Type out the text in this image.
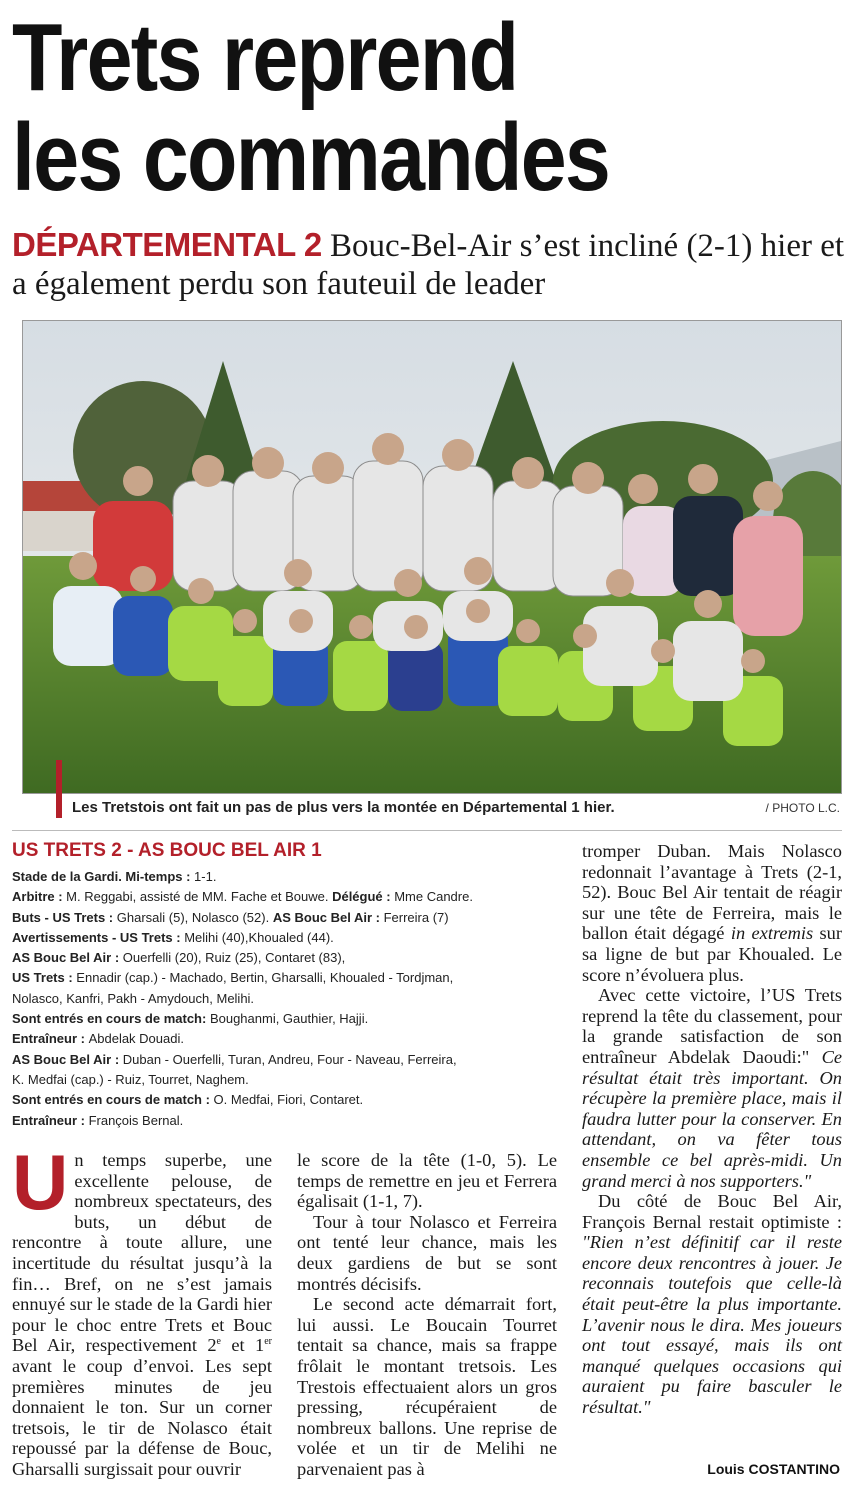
Trets reprend
les commandes
DÉPARTEMENTAL 2 Bouc-Bel-Air s’est incliné (2-1) hier et a également perdu son fauteuil de leader
Les Tretstois ont fait un pas de plus vers la montée en Départemental 1 hier.	/ PHOTO L.C.
US TRETS 2 - AS BOUC BEL AIR 1
Stade de la Gardi. Mi-temps : 1-1.
Arbitre : M. Reggabi, assisté de MM. Fache et Bouwe. Délégué : Mme Candre.
Buts - US Trets : Gharsali (5), Nolasco (52). AS Bouc Bel Air : Ferreira (7)
Avertissements - US Trets : Melihi (40),Khoualed (44).
AS Bouc Bel Air : Ouerfelli (20), Ruiz (25), Contaret (83),
US Trets : Ennadir (cap.) - Machado, Bertin, Gharsalli, Khoualed - Tordjman,
Nolasco, Kanfri, Pakh - Amydouch, Melihi.
Sont entrés en cours de match: Boughanmi, Gauthier, Hajji.
Entraîneur : Abdelak Douadi.
AS Bouc Bel Air : Duban - Ouerfelli, Turan, Andreu, Four - Naveau, Ferreira,
K. Medfai (cap.) - Ruiz, Tourret, Naghem.
Sont entrés en cours de match : O. Medfai, Fiori, Contaret.
Entraîneur : François Bernal.

Un temps superbe, une excellente pelouse, de nombreux spectateurs, des buts, un début de rencontre à toute allure, une incertitude du résultat jusqu’à la fin… Bref, on ne s’est jamais ennuyé sur le stade de la Gardi hier pour le choc entre Trets et Bouc Bel Air, respectivement 2e et 1er avant le coup d’envoi. Les sept premières minutes de jeu donnaient le ton. Sur un corner tretsois, le tir de Nolasco était repoussé par la défense de Bouc, Gharsalli surgissait pour ouvrir

le score de la tête (1-0, 5). Le temps de remettre en jeu et Ferrera égalisait (1-1, 7).

Tour à tour Nolasco et Ferreira ont tenté leur chance, mais les deux gardiens de but se sont montrés décisifs.

Le second acte démarrait fort, lui aussi. Le Boucain Tourret tentait sa chance, mais sa frappe frôlait le montant tretsois. Les Trestois effectuaient alors un gros pressing, récupéraient de nombreux ballons. Une reprise de volée et un tir de Melihi ne parvenaient pas à

tromper Duban. Mais Nolasco redonnait l’avantage à Trets (2-1, 52). Bouc Bel Air tentait de réagir sur une tête de Ferreira, mais le ballon était dégagé in extremis sur sa ligne de but par Khoualed. Le score n’évoluera plus.

Avec cette victoire, l’US Trets reprend la tête du classement, pour la grande satisfaction de son entraîneur Abdelak Daoudi:" Ce résultat était très important. On récupère la première place, mais il faudra lutter pour la conserver. En attendant, on va fêter tous ensemble ce bel après-midi. Un grand merci à nos supporters."

Du côté de Bouc Bel Air, François Bernal restait optimiste : "Rien n’est définitif car il reste encore deux rencontres à jouer. Je reconnais toutefois que celle-là était peut-être la plus importante. L’avenir nous le dira. Mes joueurs ont tout essayé, mais ils ont manqué quelques occasions qui auraient pu faire basculer le résultat."

Louis COSTANTINO
